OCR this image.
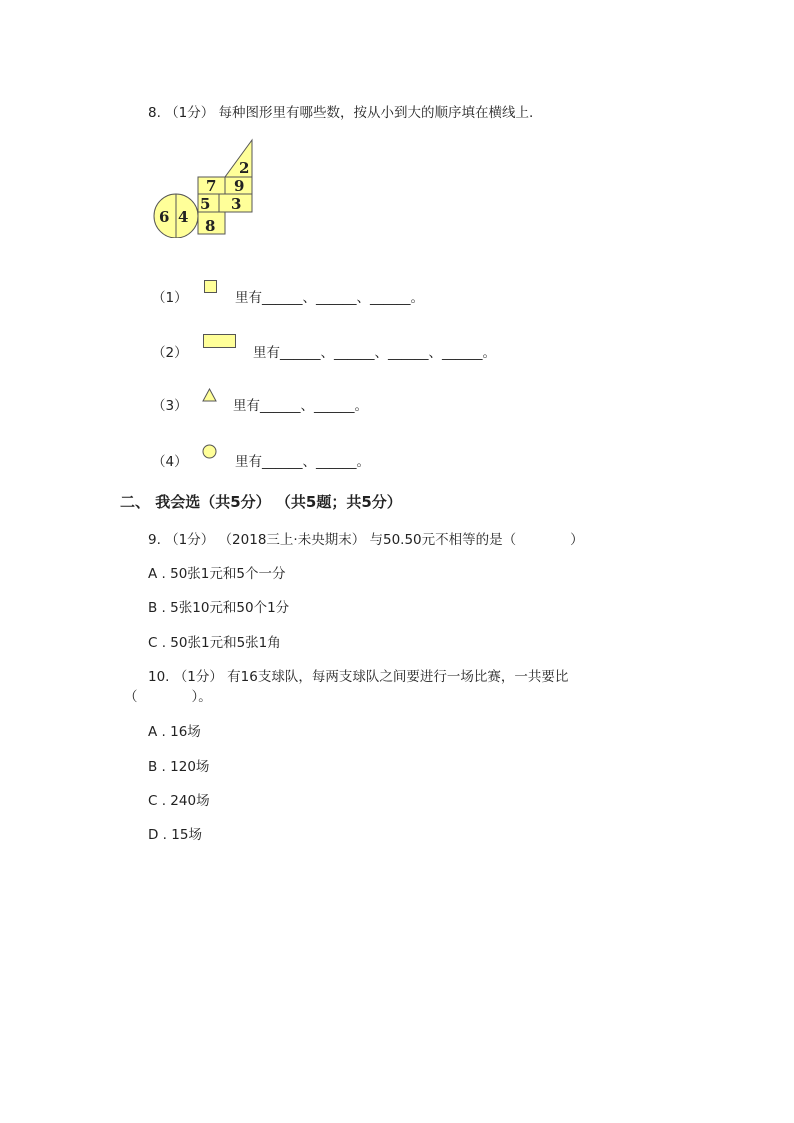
8. （1分） 每种图形里有哪些数，按从小到大的顺序填在横线上.
2
7 9
5 3
6 4 8
（1）	里有______、______、______。
（2）	里有______、______、______、______。
（3）	里有______、______。
（4）	里有______、______。
二、 我会选（共5分） （共5题；共5分）
9. （1分） （2018三上·未央期末） 与50.50元不相等的是（　　　　）
A . 50张1元和5个一分
B . 5张10元和50个1分
C . 50张1元和5张1角
10. （1分） 有16支球队，每两支球队之间要进行一场比赛，一共要比
（　　　　）。
A . 16场
B . 120场
C . 240场
D . 15场
